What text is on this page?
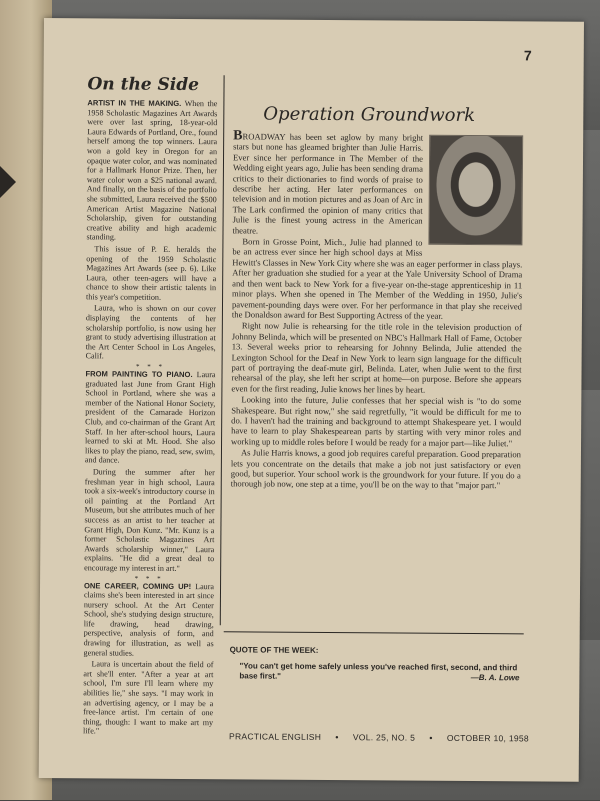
7
On the Side

ARTIST IN THE MAKING. When the 1958 Scholastic Magazines Art Awards were over last spring, 18-year-old Laura Edwards of Portland, Ore., found herself among the top winners. Laura won a gold key in Oregon for an opaque water color, and was nominated for a Hallmark Honor Prize. Then, her water color won a $25 national award. And finally, on the basis of the portfolio she submitted, Laura received the $500 American Artist Magazine National Scholarship, given for outstanding creative ability and high academic standing.

This issue of P. E. heralds the opening of the 1959 Scholastic Magazines Art Awards (see p. 6). Like Laura, other teen-agers will have a chance to show their artistic talents in this year's competition.

Laura, who is shown on our cover displaying the contents of her scholarship portfolio, is now using her grant to study advertising illustration at the Art Center School in Los Angeles, Calif.

* * *

FROM PAINTING TO PIANO. Laura graduated last June from Grant High School in Portland, where she was a member of the National Honor Society, president of the Camarade Horizon Club, and co-chairman of the Grant Art Staff. In her after-school hours, Laura learned to ski at Mt. Hood. She also likes to play the piano, read, sew, swim, and dance.

During the summer after her freshman year in high school, Laura took a six-week's introductory course in oil painting at the Portland Art Museum, but she attributes much of her success as an artist to her teacher at Grant High, Don Kunz. "Mr. Kunz is a former Scholastic Magazines Art Awards scholarship winner," Laura explains. "He did a great deal to encourage my interest in art."

* * *

ONE CAREER, COMING UP! Laura claims she's been interested in art since nursery school. At the Art Center School, she's studying design structure, life drawing, head drawing, perspective, analysis of form, and drawing for illustration, as well as general studies.

Laura is uncertain about the field of art she'll enter. "After a year at art school, I'm sure I'll learn where my abilities lie," she says. "I may work in an advertising agency, or I may be a free-lance artist. I'm certain of one thing, though: I want to make art my life."

Operation Groundwork

BROADWAY has been set aglow by many bright stars but none has gleamed brighter than Julie Harris. Ever since her performance in The Member of the Wedding eight years ago, Julie has been sending drama critics to their dictionaries to find words of praise to describe her acting. Her later performances on television and in motion pictures and as Joan of Arc in The Lark confirmed the opinion of many critics that Julie is the finest young actress in the American theatre.

Born in Grosse Point, Mich., Julie had planned to be an actress ever since her high school days at Miss Hewitt's Classes in New York City where she was an eager performer in class plays. After her graduation she studied for a year at the Yale University School of Drama and then went back to New York for a five-year on-the-stage apprenticeship in 11 minor plays. When she opened in The Member of the Wedding in 1950, Julie's pavement-pounding days were over. For her performance in that play she received the Donaldson award for Best Supporting Actress of the year.

Right now Julie is rehearsing for the title role in the television production of Johnny Belinda, which will be presented on NBC's Hallmark Hall of Fame, October 13. Several weeks prior to rehearsing for Johnny Belinda, Julie attended the Lexington School for the Deaf in New York to learn sign language for the difficult part of portraying the deaf-mute girl, Belinda. Later, when Julie went to the first rehearsal of the play, she left her script at home—on purpose. Before she appears even for the first reading, Julie knows her lines by heart.

Looking into the future, Julie confesses that her special wish is "to do some Shakespeare. But right now," she said regretfully, "it would be difficult for me to do. I haven't had the training and background to attempt Shakespeare yet. I would have to learn to play Shakespearean parts by starting with very minor roles and working up to middle roles before I would be ready for a major part—like Juliet."

As Julie Harris knows, a good job requires careful preparation. Good preparation lets you concentrate on the details that make a job not just satisfactory or even good, but superior. Your school work is the groundwork for your future. If you do a thorough job now, one step at a time, you'll be on the way to that "major part."

QUOTE OF THE WEEK:
"You can't get home safely unless you've reached first, second, and third base first."	—B. A. Lowe
PRACTICAL ENGLISH • VOL. 25, NO. 5 • OCTOBER 10, 1958
